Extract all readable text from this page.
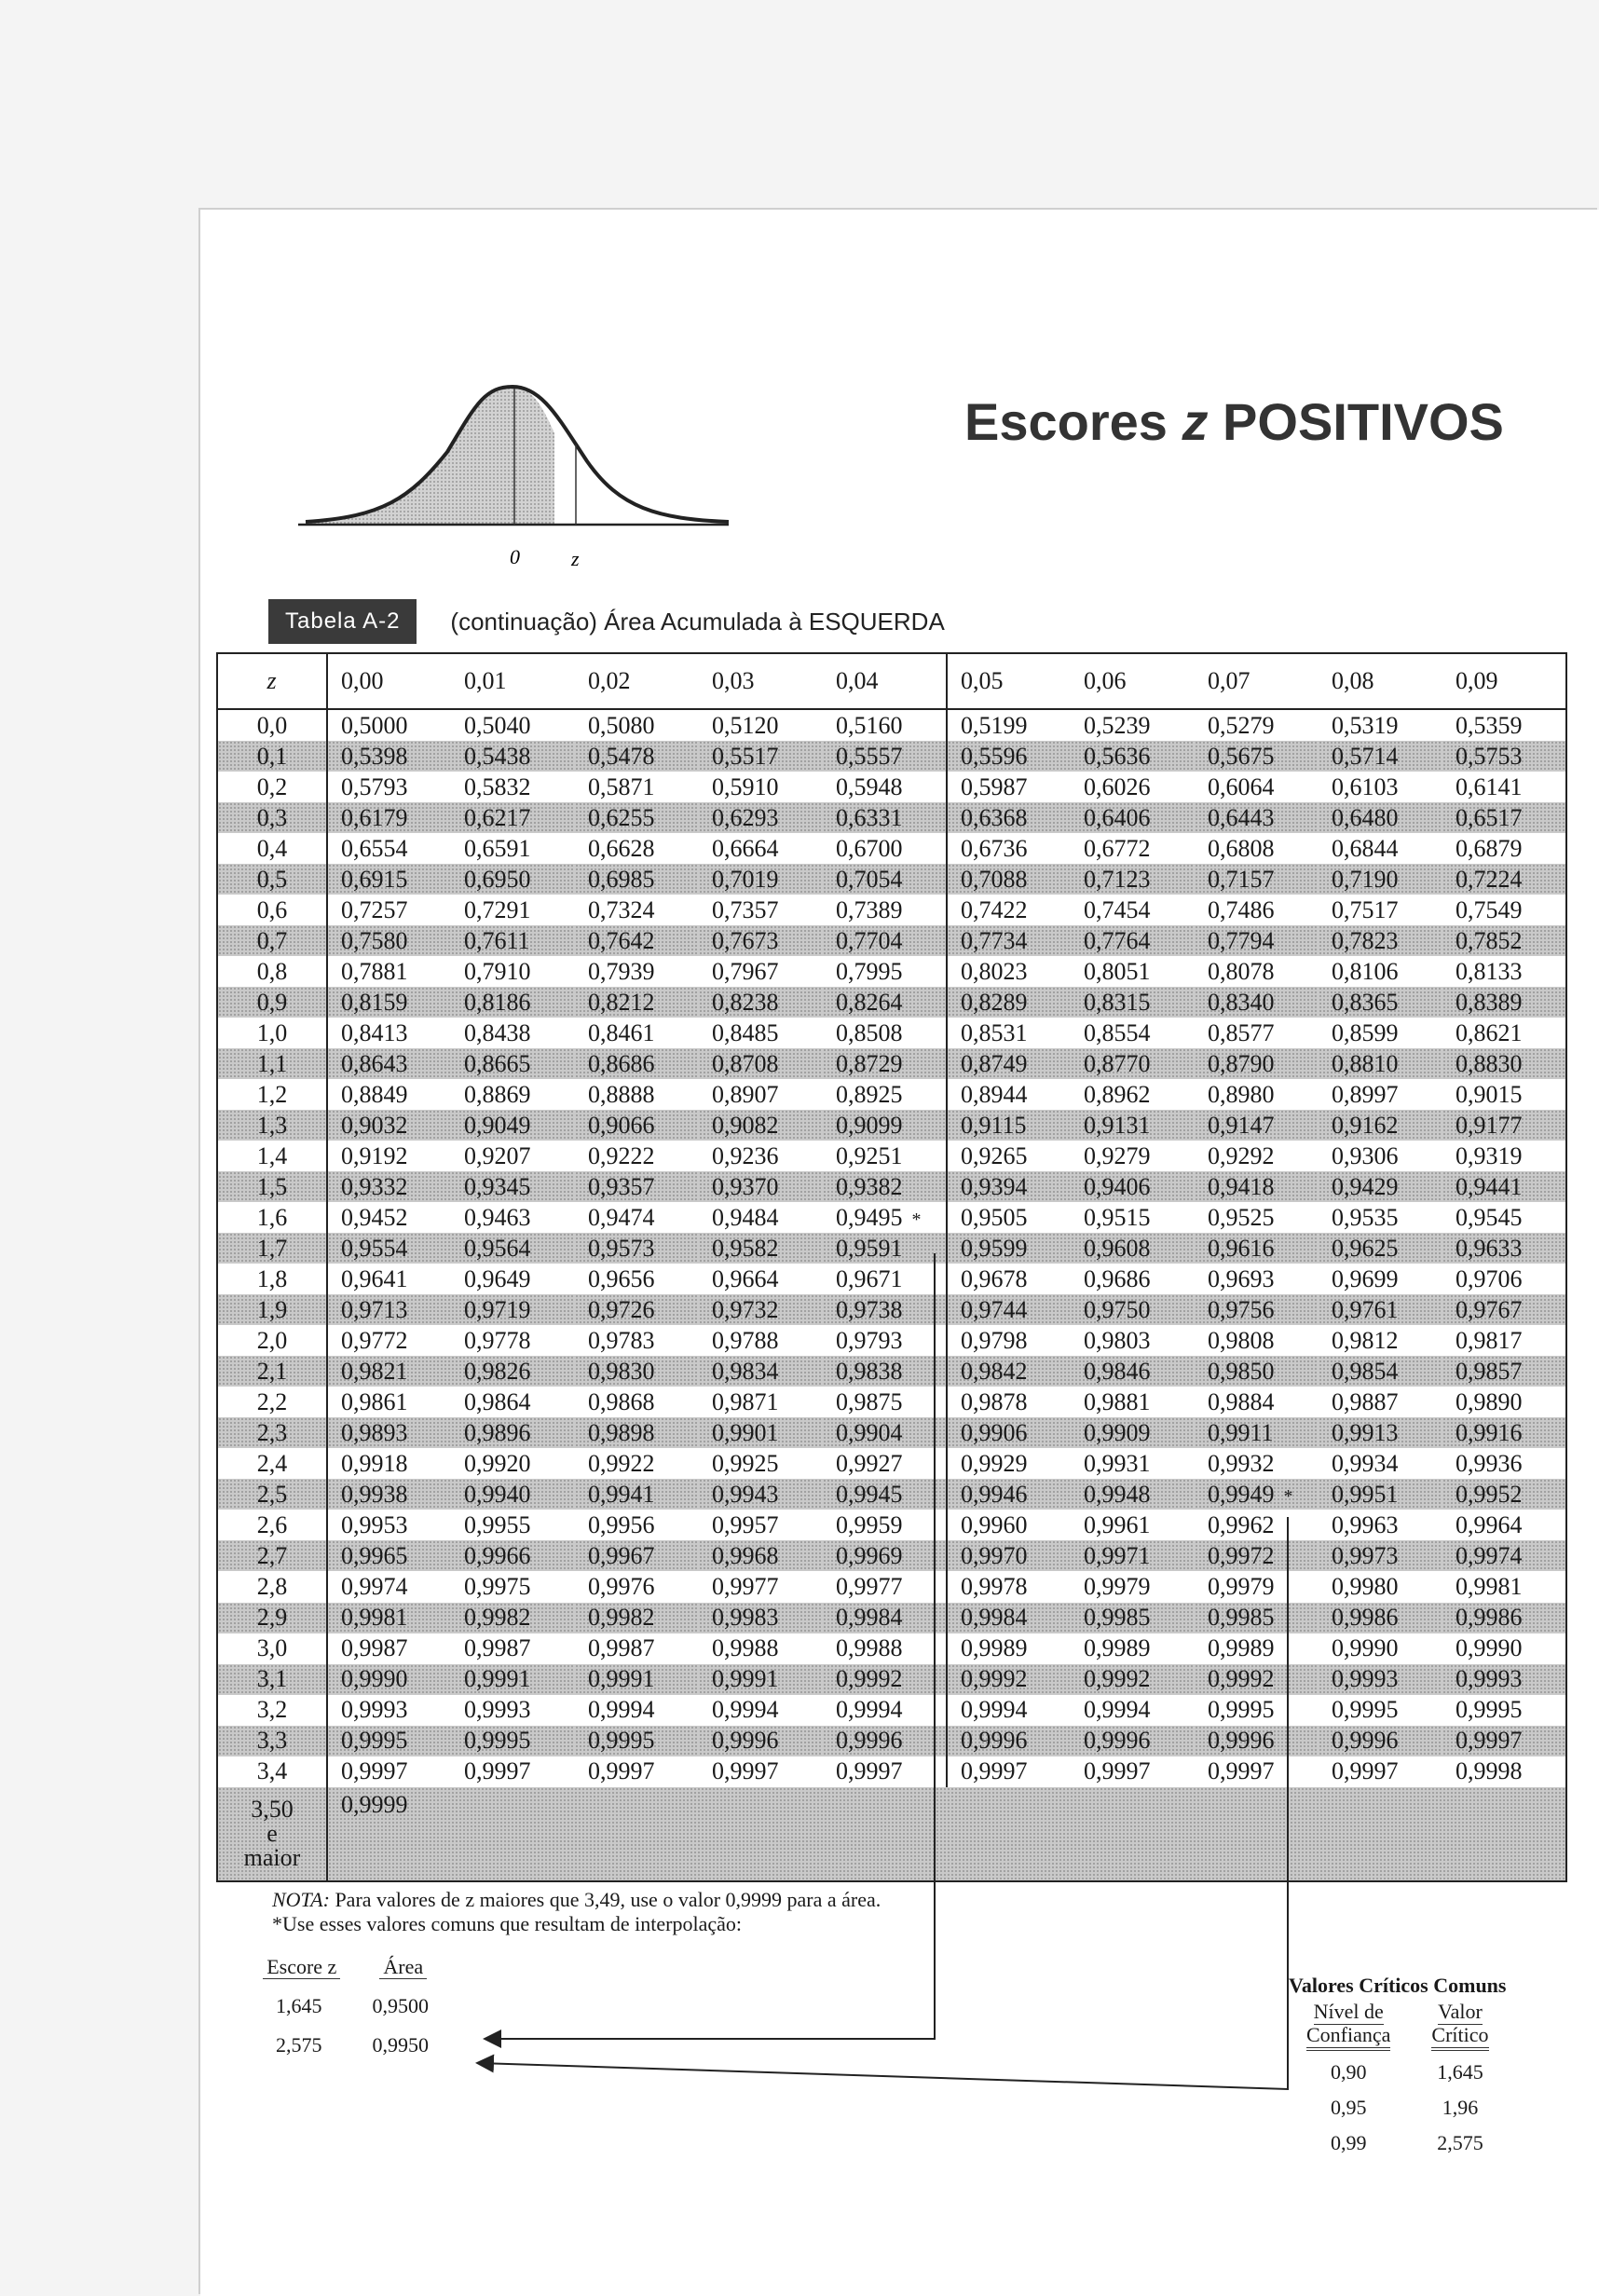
0	z
Escores z POSITIVOS
Tabela A-2	(continuação) Área Acumulada à ESQUERDA
z	0,00	0,01	0,02	0,03	0,04	0,05	0,06	0,07	0,08	0,09
0,0	0,5000	0,5040	0,5080	0,5120	0,5160	0,5199	0,5239	0,5279	0,5319	0,5359
0,1	0,5398	0,5438	0,5478	0,5517	0,5557	0,5596	0,5636	0,5675	0,5714	0,5753
0,2	0,5793	0,5832	0,5871	0,5910	0,5948	0,5987	0,6026	0,6064	0,6103	0,6141
0,3	0,6179	0,6217	0,6255	0,6293	0,6331	0,6368	0,6406	0,6443	0,6480	0,6517
0,4	0,6554	0,6591	0,6628	0,6664	0,6700	0,6736	0,6772	0,6808	0,6844	0,6879
0,5	0,6915	0,6950	0,6985	0,7019	0,7054	0,7088	0,7123	0,7157	0,7190	0,7224
0,6	0,7257	0,7291	0,7324	0,7357	0,7389	0,7422	0,7454	0,7486	0,7517	0,7549
0,7	0,7580	0,7611	0,7642	0,7673	0,7704	0,7734	0,7764	0,7794	0,7823	0,7852
0,8	0,7881	0,7910	0,7939	0,7967	0,7995	0,8023	0,8051	0,8078	0,8106	0,8133
0,9	0,8159	0,8186	0,8212	0,8238	0,8264	0,8289	0,8315	0,8340	0,8365	0,8389
1,0	0,8413	0,8438	0,8461	0,8485	0,8508	0,8531	0,8554	0,8577	0,8599	0,8621
1,1	0,8643	0,8665	0,8686	0,8708	0,8729	0,8749	0,8770	0,8790	0,8810	0,8830
1,2	0,8849	0,8869	0,8888	0,8907	0,8925	0,8944	0,8962	0,8980	0,8997	0,9015
1,3	0,9032	0,9049	0,9066	0,9082	0,9099	0,9115	0,9131	0,9147	0,9162	0,9177
1,4	0,9192	0,9207	0,9222	0,9236	0,9251	0,9265	0,9279	0,9292	0,9306	0,9319
1,5	0,9332	0,9345	0,9357	0,9370	0,9382	0,9394	0,9406	0,9418	0,9429	0,9441
1,6	0,9452	0,9463	0,9474	0,9484	0,9495 *	0,9505	0,9515	0,9525	0,9535	0,9545
1,7	0,9554	0,9564	0,9573	0,9582	0,9591	0,9599	0,9608	0,9616	0,9625	0,9633
1,8	0,9641	0,9649	0,9656	0,9664	0,9671	0,9678	0,9686	0,9693	0,9699	0,9706
1,9	0,9713	0,9719	0,9726	0,9732	0,9738	0,9744	0,9750	0,9756	0,9761	0,9767
2,0	0,9772	0,9778	0,9783	0,9788	0,9793	0,9798	0,9803	0,9808	0,9812	0,9817
2,1	0,9821	0,9826	0,9830	0,9834	0,9838	0,9842	0,9846	0,9850	0,9854	0,9857
2,2	0,9861	0,9864	0,9868	0,9871	0,9875	0,9878	0,9881	0,9884	0,9887	0,9890
2,3	0,9893	0,9896	0,9898	0,9901	0,9904	0,9906	0,9909	0,9911	0,9913	0,9916
2,4	0,9918	0,9920	0,9922	0,9925	0,9927	0,9929	0,9931	0,9932	0,9934	0,9936
2,5	0,9938	0,9940	0,9941	0,9943	0,9945	0,9946	0,9948	0,9949 *	0,9951	0,9952
2,6	0,9953	0,9955	0,9956	0,9957	0,9959	0,9960	0,9961	0,9962	0,9963	0,9964
2,7	0,9965	0,9966	0,9967	0,9968	0,9969	0,9970	0,9971	0,9972	0,9973	0,9974
2,8	0,9974	0,9975	0,9976	0,9977	0,9977	0,9978	0,9979	0,9979	0,9980	0,9981
2,9	0,9981	0,9982	0,9982	0,9983	0,9984	0,9984	0,9985	0,9985	0,9986	0,9986
3,0	0,9987	0,9987	0,9987	0,9988	0,9988	0,9989	0,9989	0,9989	0,9990	0,9990
3,1	0,9990	0,9991	0,9991	0,9991	0,9992	0,9992	0,9992	0,9992	0,9993	0,9993
3,2	0,9993	0,9993	0,9994	0,9994	0,9994	0,9994	0,9994	0,9995	0,9995	0,9995
3,3	0,9995	0,9995	0,9995	0,9996	0,9996	0,9996	0,9996	0,9996	0,9996	0,9997
3,4	0,9997	0,9997	0,9997	0,9997	0,9997	0,9997	0,9997	0,9997	0,9997	0,9998
3,50
e
maior	0,9999									
NOTA: Para valores de z maiores que 3,49, use o valor 0,9999 para a área.
*Use esses valores comuns que resultam de interpolação:
Escore z	Área
1,645	0,9500
2,575	0,9950
Valores Críticos Comuns
Nível de
Confiança	Valor
Crítico
0,90	1,645
0,95	1,96
0,99	2,575
